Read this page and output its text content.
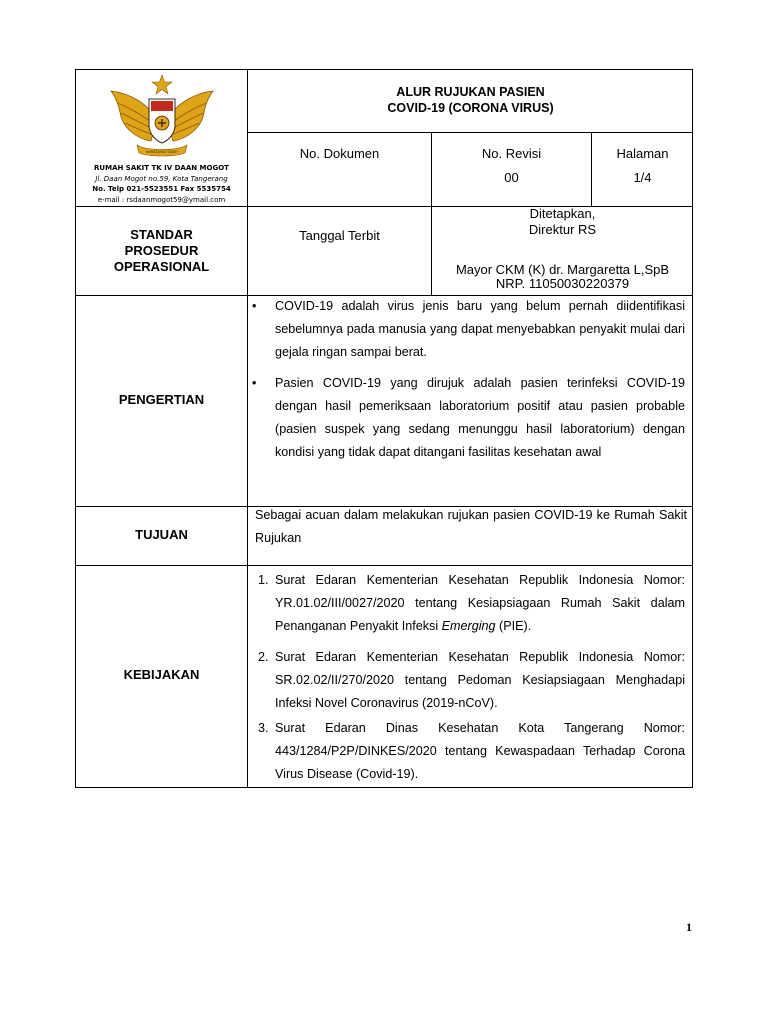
WIRATAMA SAKTI
RUMAH SAKIT TK IV DAAN MOGOT
Jl. Daan Mogot no.59, Kota Tangerang
No. Telp 021-5523551 Fax 5535754
e-mail : rsdaanmogot59@ymail.com
ALUR RUJUKAN PASIEN
COVID-19 (CORONA VIRUS)
No. Dokumen	No. Revisi
00
Halaman
1/4
STANDAR
PROSEDUR
OPERASIONAL
Tanggal Terbit
Ditetapkan,
Direktur RS
Mayor CKM (K) dr. Margaretta L,SpB
NRP. 11050030220379
PENGERTIAN
• COVID-19 adalah virus jenis baru yang belum pernah diidentifikasi sebelumnya pada manusia yang dapat menyebabkan penyakit mulai dari gejala ringan sampai berat.
• Pasien COVID-19 yang dirujuk adalah pasien terinfeksi COVID-19 dengan hasil pemeriksaan laboratorium positif atau pasien probable (pasien suspek yang sedang menunggu hasil laboratorium) dengan kondisi yang tidak dapat ditangani fasilitas kesehatan awal
TUJUAN
Sebagai acuan dalam melakukan rujukan pasien COVID-19 ke Rumah Sakit Rujukan
KEBIJAKAN
1. Surat Edaran Kementerian Kesehatan Republik Indonesia Nomor: YR.01.02/III/0027/2020 tentang Kesiapsiagaan Rumah Sakit dalam Penanganan Penyakit Infeksi Emerging (PIE).
2. Surat Edaran Kementerian Kesehatan Republik Indonesia Nomor: SR.02.02/II/270/2020 tentang Pedoman Kesiapsiagaan Menghadapi Infeksi Novel Coronavirus (2019-nCoV).
3. Surat Edaran Dinas Kesehatan Kota Tangerang Nomor: 443/1284/P2P/DINKES/2020 tentang Kewaspadaan Terhadap Corona Virus Disease (Covid-19).
1
